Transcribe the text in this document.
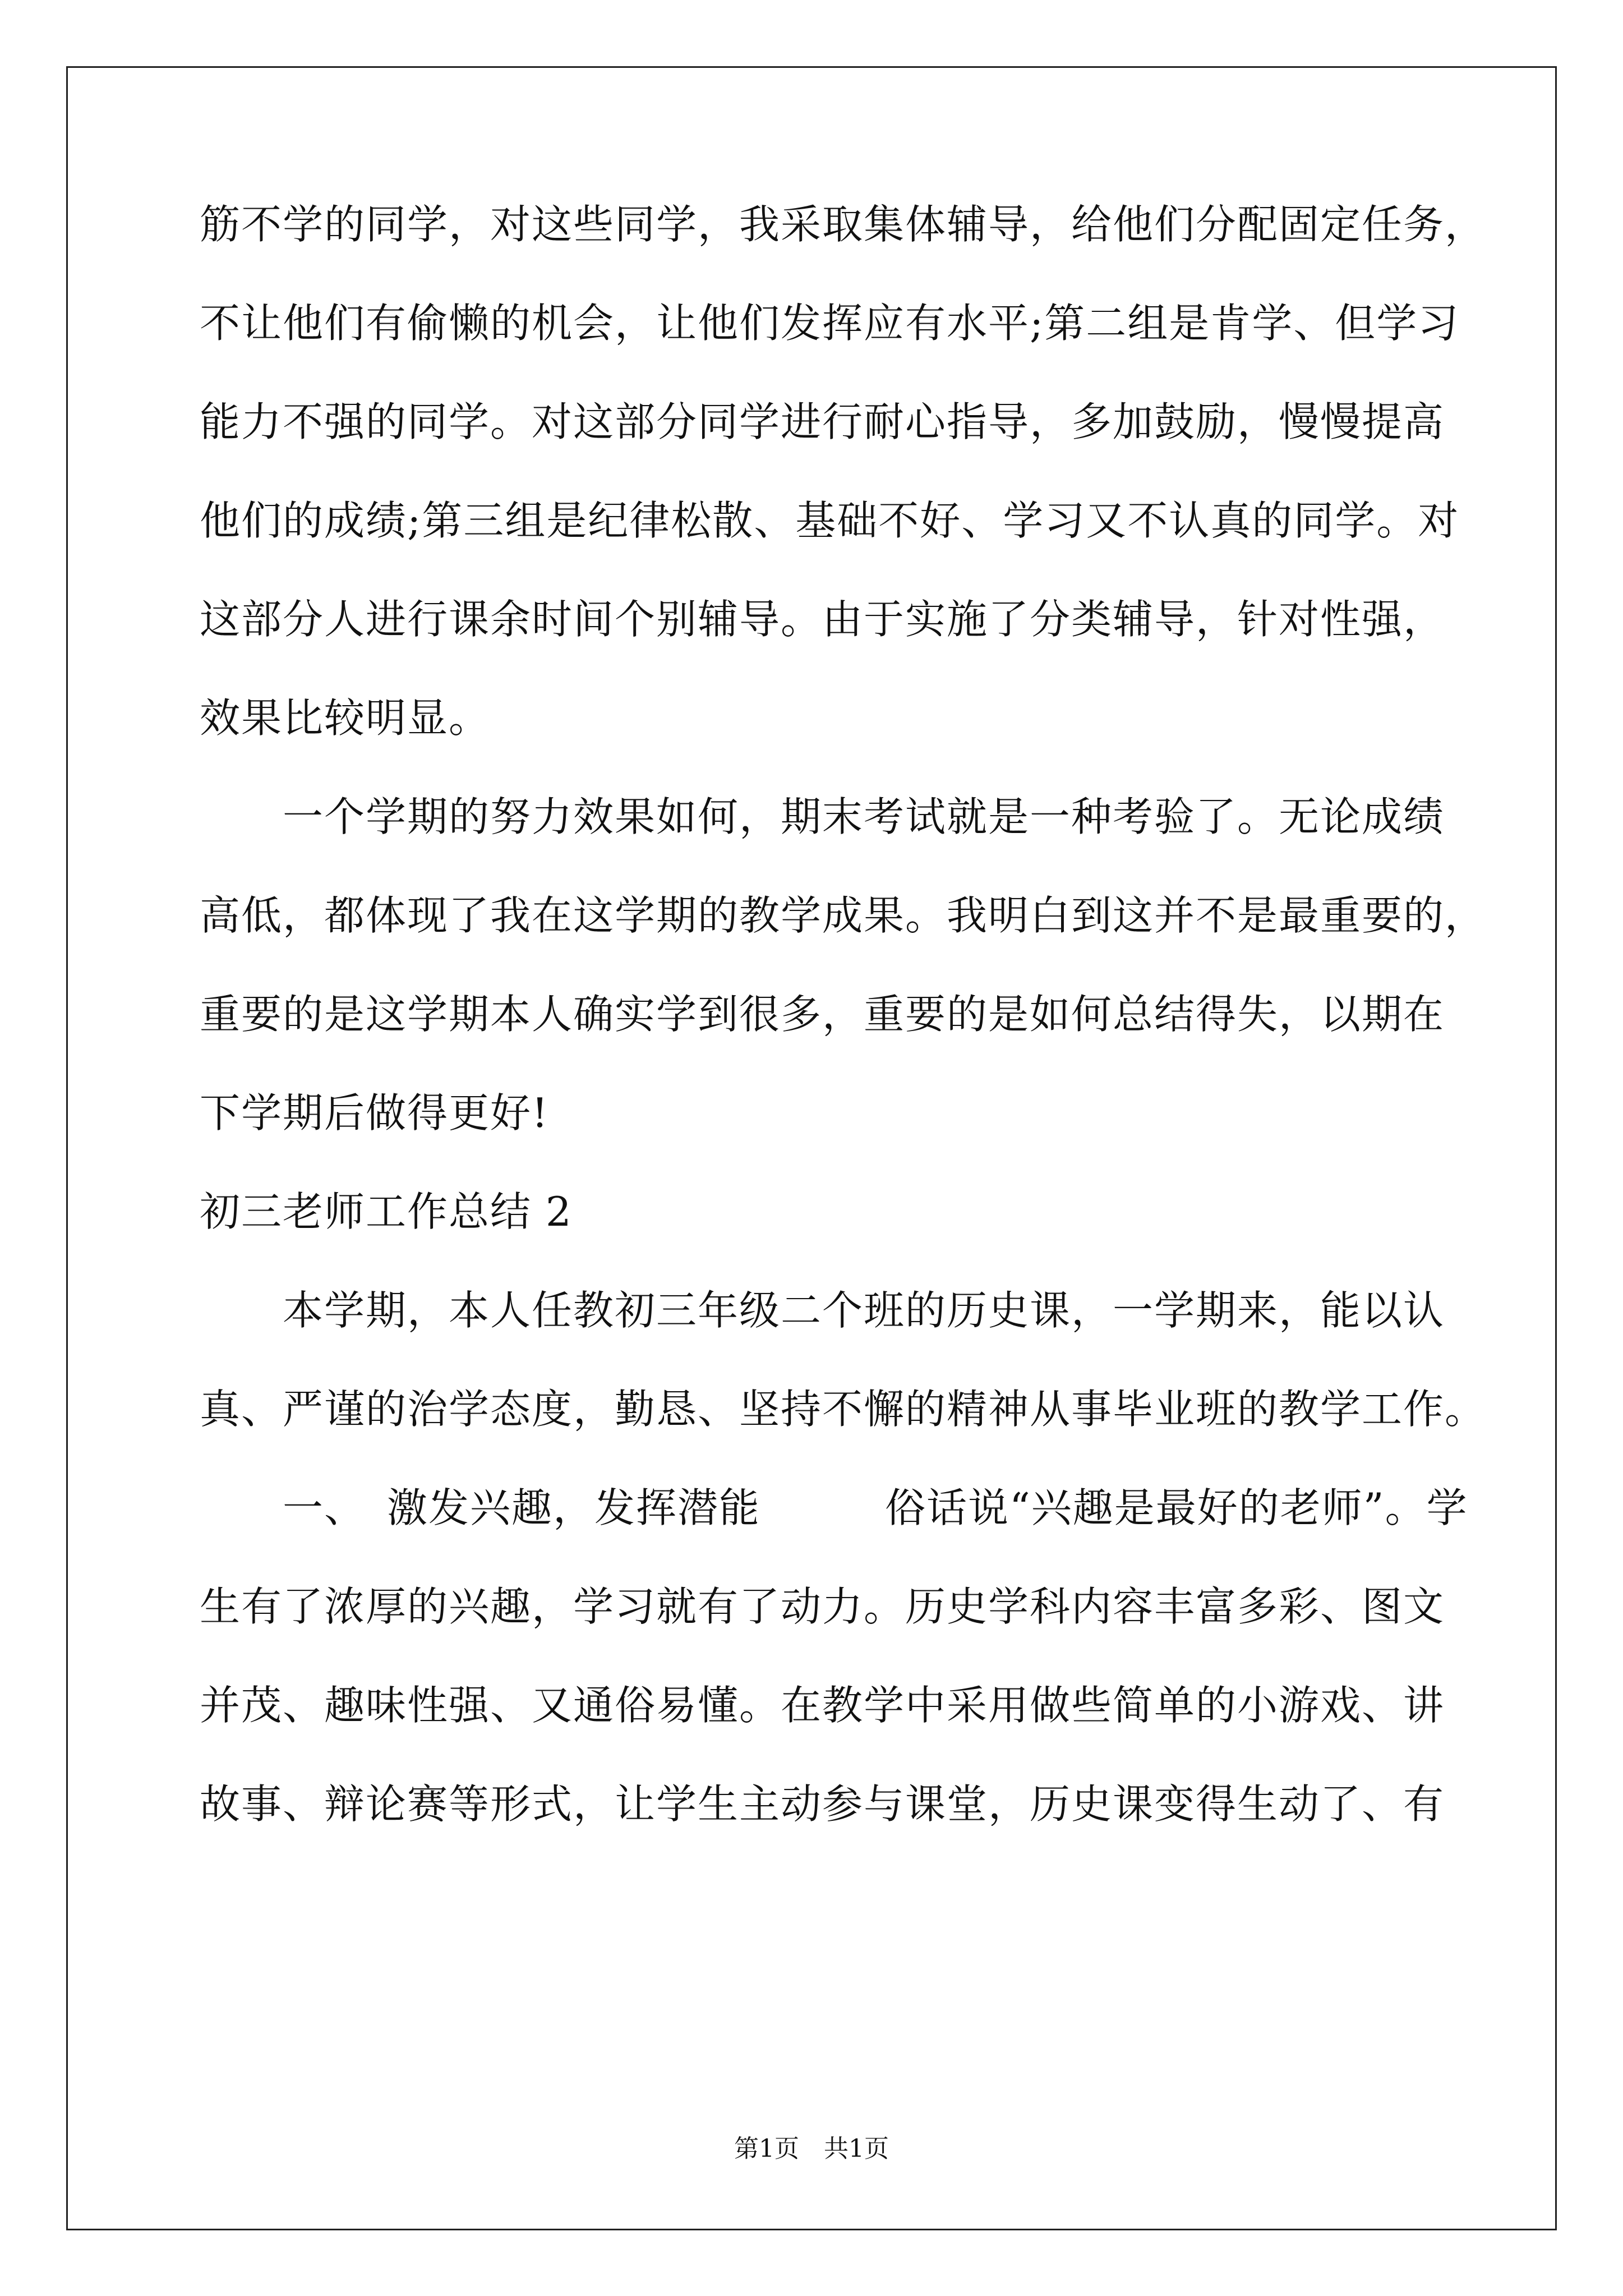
筋不学的同学，对这些同学，我采取集体辅导，给他们分配固定任务，
不让他们有偷懒的机会，让他们发挥应有水平;第二组是肯学、但学习
能力不强的同学。对这部分同学进行耐心指导，多加鼓励，慢慢提高
他们的成绩;第三组是纪律松散、基础不好、学习又不认真的同学。对
这部分人进行课余时间个别辅导。由于实施了分类辅导，针对性强，
效果比较明显。
　　一个学期的努力效果如何，期末考试就是一种考验了。无论成绩
高低，都体现了我在这学期的教学成果。我明白到这并不是最重要的，
重要的是这学期本人确实学到很多，重要的是如何总结得失，以期在
下学期后做得更好!
初三老师工作总结 2
　　本学期，本人任教初三年级二个班的历史课，一学期来，能以认
真、严谨的治学态度，勤恳、坚持不懈的精神从事毕业班的教学工作。
　　一、　激发兴趣，发挥潜能　　　俗话说“兴趣是最好的老师”。学
生有了浓厚的兴趣，学习就有了动力。历史学科内容丰富多彩、图文
并茂、趣味性强、又通俗易懂。在教学中采用做些简单的小游戏、讲
故事、辩论赛等形式，让学生主动参与课堂，历史课变得生动了、有
第1页　共1页
